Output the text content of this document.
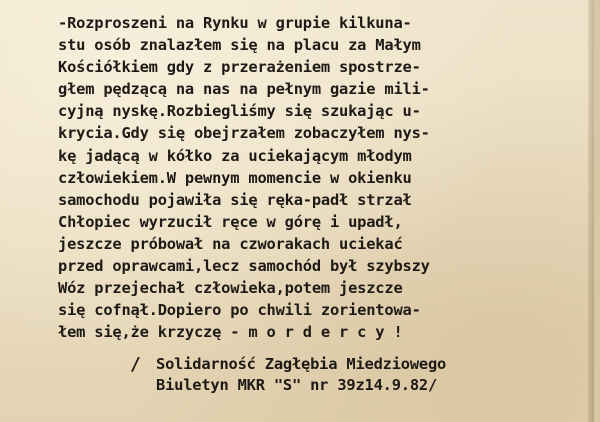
-Rozproszeni na Rynku w grupie kilkuna-
stu osób znalazłem się na placu za Małym
Kościółkiem gdy z przerażeniem spostrze-
głem pędzącą na nas na pełnym gazie mili-
cyjną nyskę.Rozbiegliśmy się szukając u-
krycia.Gdy się obejrzałem zobaczyłem nys-
kę jadącą w kółko za uciekającym młodym
człowiekiem.W pewnym momencie w okienku
samochodu pojawiła się ręka-padł strzał
Chłopiec wyrzucił ręce w górę i upadł,
jeszcze próbował na czworakach uciekać
przed oprawcami,lecz samochód był szybszy
Wóz przejechał człowieka,potem jeszcze
się cofnął.Dopiero po chwili zorientowa-
łem się,że krzyczę - m o r d e r c y !
/ Solidarność Zagłębia Miedziowego
Biuletyn MKR "S" nr 39z14.9.82/
